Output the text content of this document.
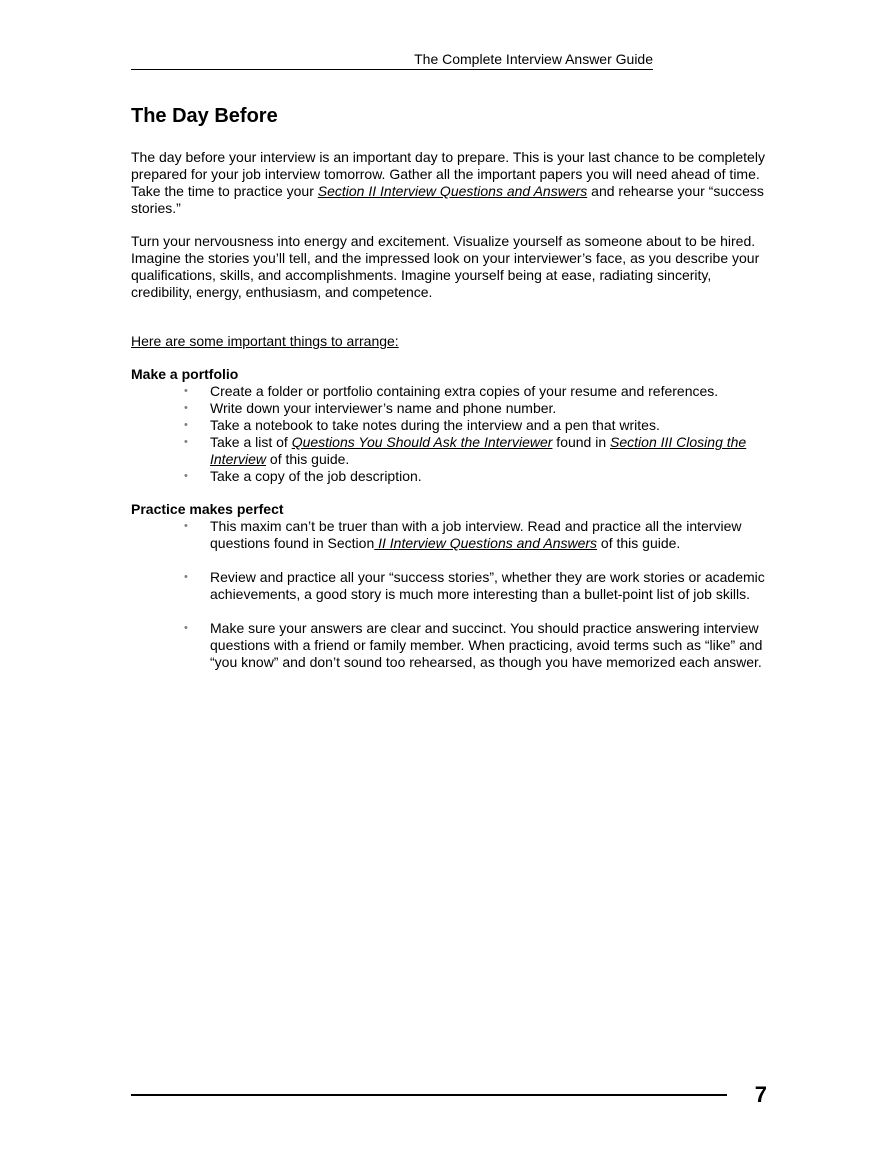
The Complete Interview Answer Guide
The Day Before

The day before your interview is an important day to prepare. This is your last chance to be completely prepared for your job interview tomorrow. Gather all the important papers you will need ahead of time. Take the time to practice your Section II Interview Questions and Answers and rehearse your “success stories.”

Turn your nervousness into energy and excitement. Visualize yourself as someone about to be hired. Imagine the stories you’ll tell, and the impressed look on your interviewer’s face, as you describe your qualifications, skills, and accomplishments. Imagine yourself being at ease, radiating sincerity, credibility, energy, enthusiasm, and competence.

Here are some important things to arrange:

Make a portfolio

• Create a folder or portfolio containing extra copies of your resume and references.
• Write down your interviewer’s name and phone number.
• Take a notebook to take notes during the interview and a pen that writes.
• Take a list of Questions You Should Ask the Interviewer found in Section III Closing the Interview of this guide.
• Take a copy of the job description.

Practice makes perfect

• This maxim can’t be truer than with a job interview. Read and practice all the interview questions found in Section II Interview Questions and Answers of this guide.
• Review and practice all your “success stories”, whether they are work stories or academic achievements, a good story is much more interesting than a bullet-point list of job skills.
• Make sure your answers are clear and succinct. You should practice answering interview questions with a friend or family member. When practicing, avoid terms such as “like” and “you know” and don’t sound too rehearsed, as though you have memorized each answer.
7
